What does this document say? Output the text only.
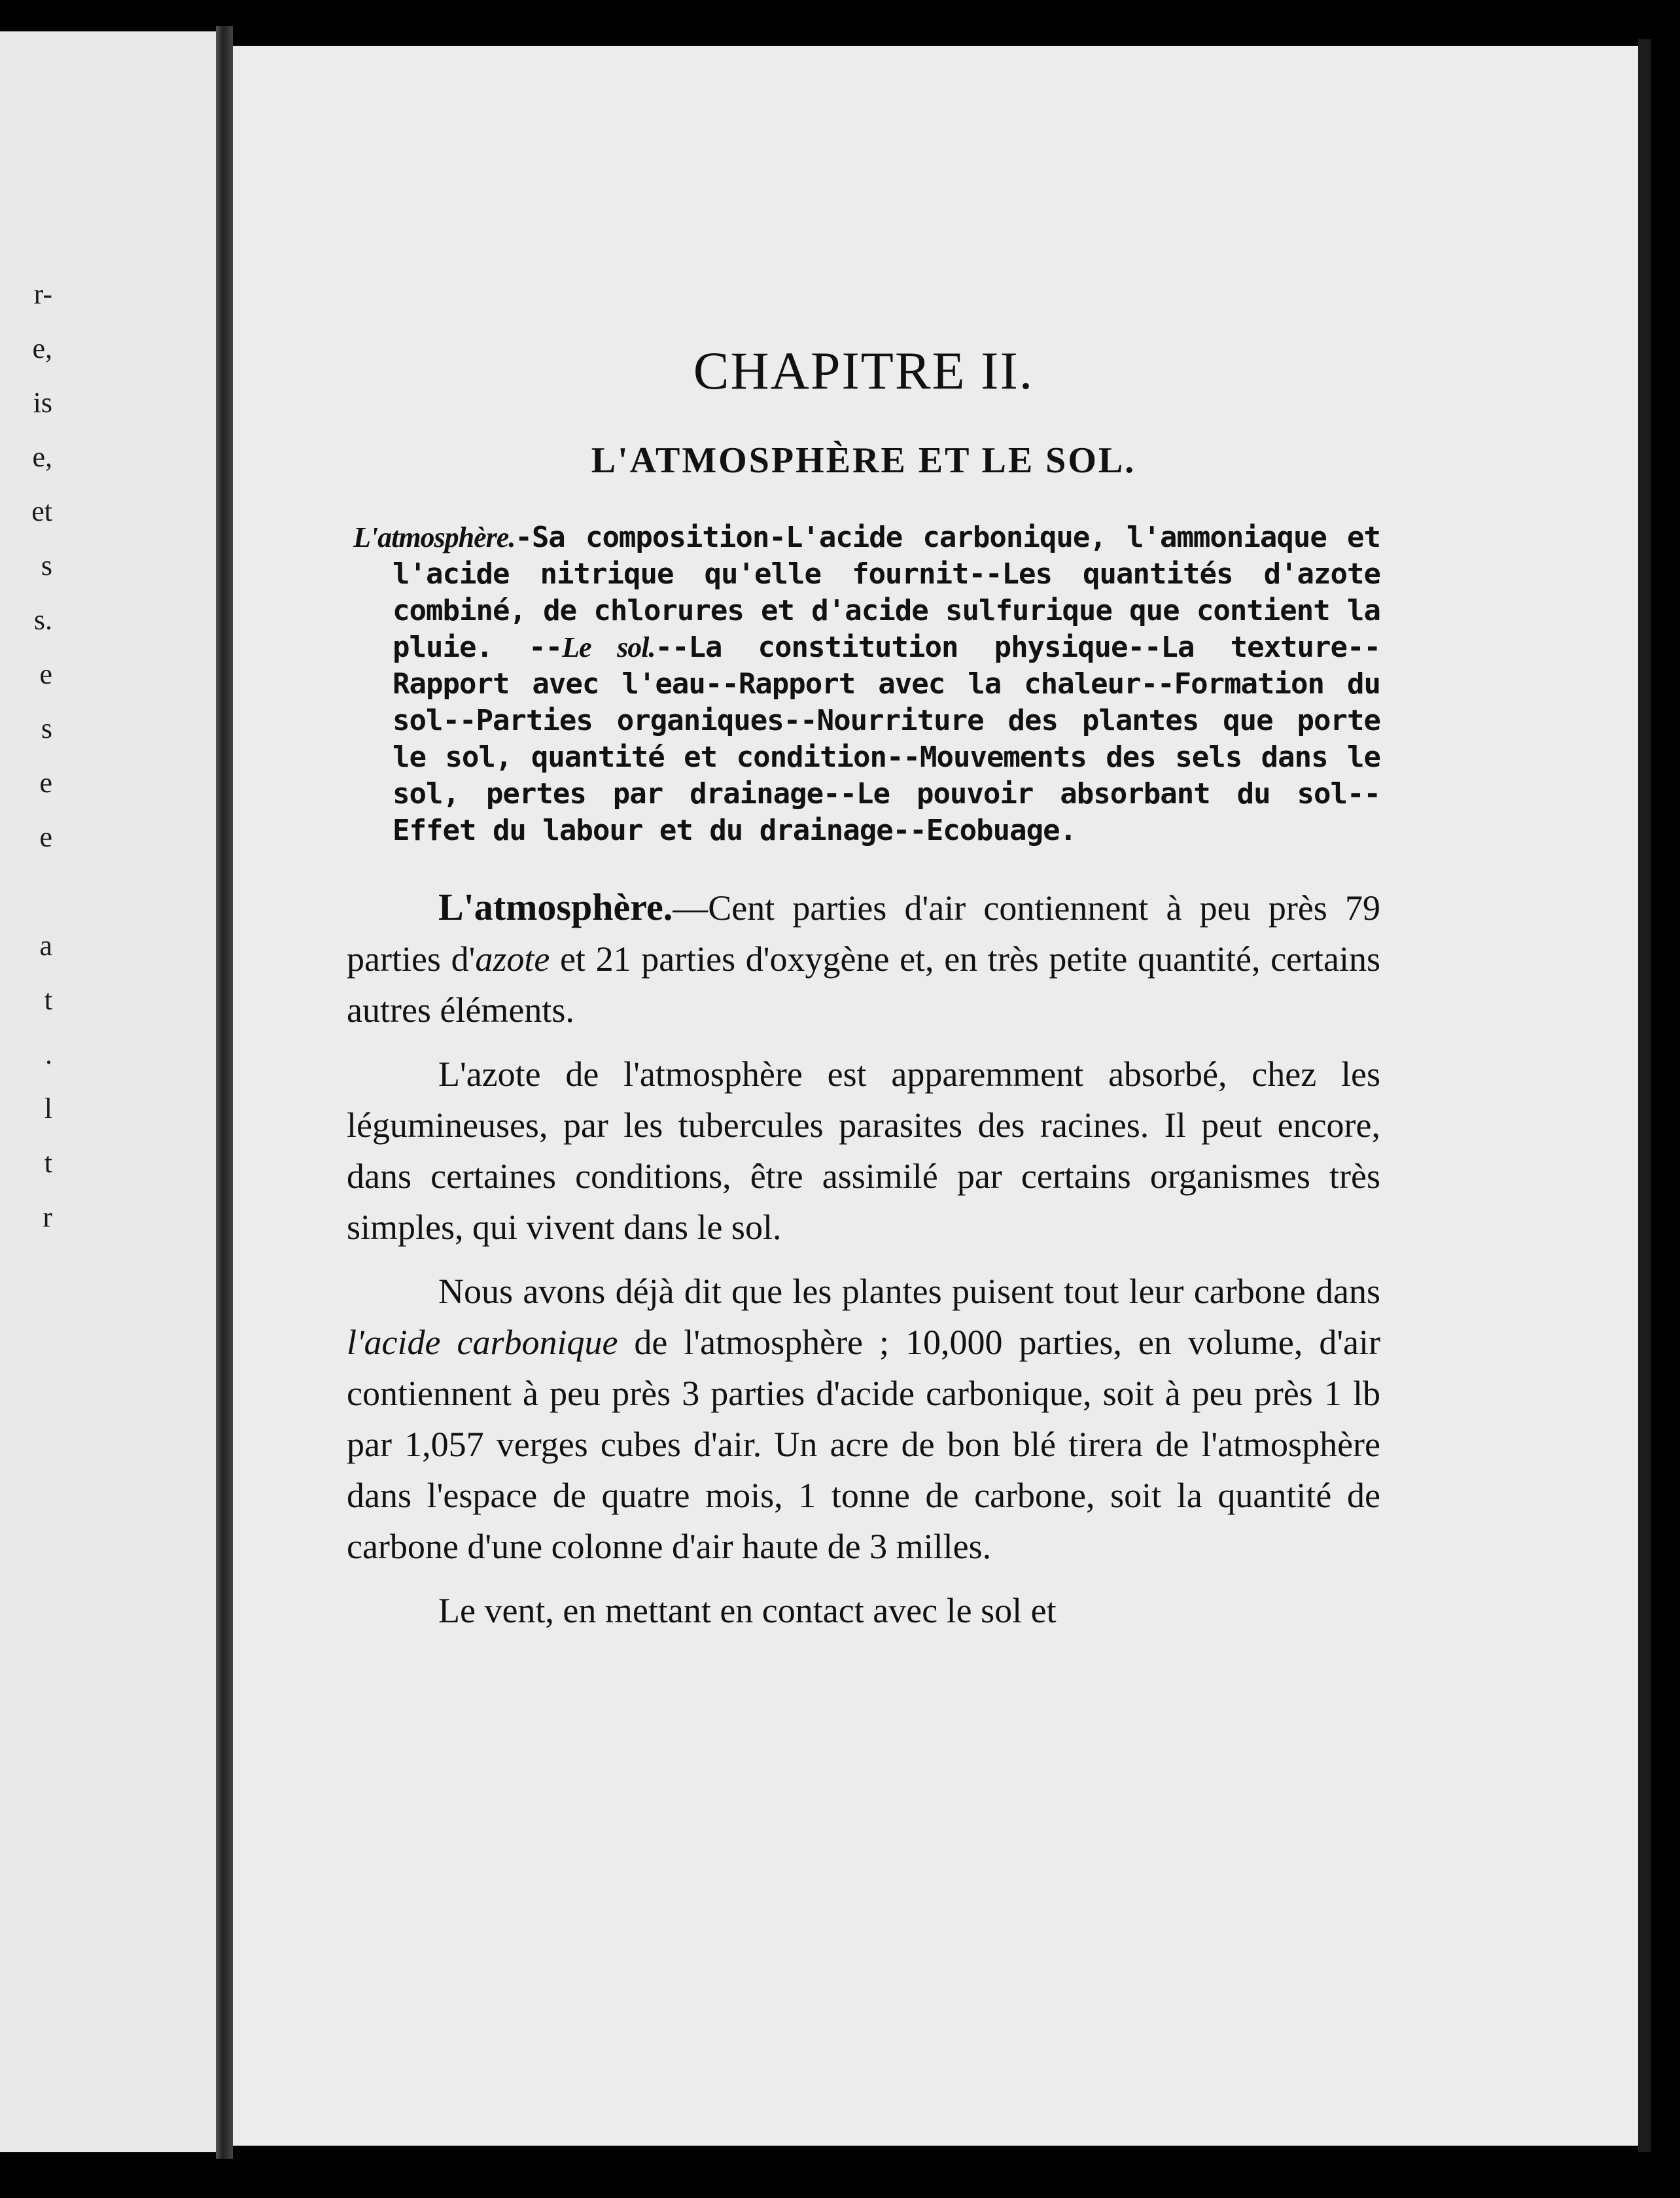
r-
e,
is
e,
et
s
s.
e
s
e
e
a
t
.
l
t
r
CHAPITRE II.
L'ATMOSPHÈRE ET LE SOL.

L'atmosphère.-Sa composition-L'acide carbonique, l'ammoniaque et l'acide nitrique qu'elle fournit--Les quantités d'azote combiné, de chlorures et d'acide sulfurique que contient la pluie. --Le sol.--La constitution physique--La texture--Rapport avec l'eau--Rapport avec la chaleur--Formation du sol--Parties organiques--Nourriture des plantes que porte le sol, quantité et condition--Mouvements des sels dans le sol, pertes par drainage--Le pouvoir absorbant du sol--Effet du labour et du drainage--Ecobuage.

L'atmosphère.—Cent parties d'air contiennent à peu près 79 parties d'azote et 21 parties d'oxygène et, en très petite quantité, certains autres éléments.

L'azote de l'atmosphère est apparemment absorbé, chez les légumineuses, par les tubercules parasites des racines. Il peut encore, dans certaines conditions, être assimilé par certains organismes très simples, qui vivent dans le sol.

Nous avons déjà dit que les plantes puisent tout leur carbone dans l'acide carbonique de l'atmosphère ; 10,000 parties, en volume, d'air contiennent à peu près 3 parties d'acide carbonique, soit à peu près 1 lb par 1,057 verges cubes d'air. Un acre de bon blé tirera de l'atmosphère dans l'espace de quatre mois, 1 tonne de carbone, soit la quantité de carbone d'une colonne d'air haute de 3 milles.

Le vent, en mettant en contact avec le sol et
